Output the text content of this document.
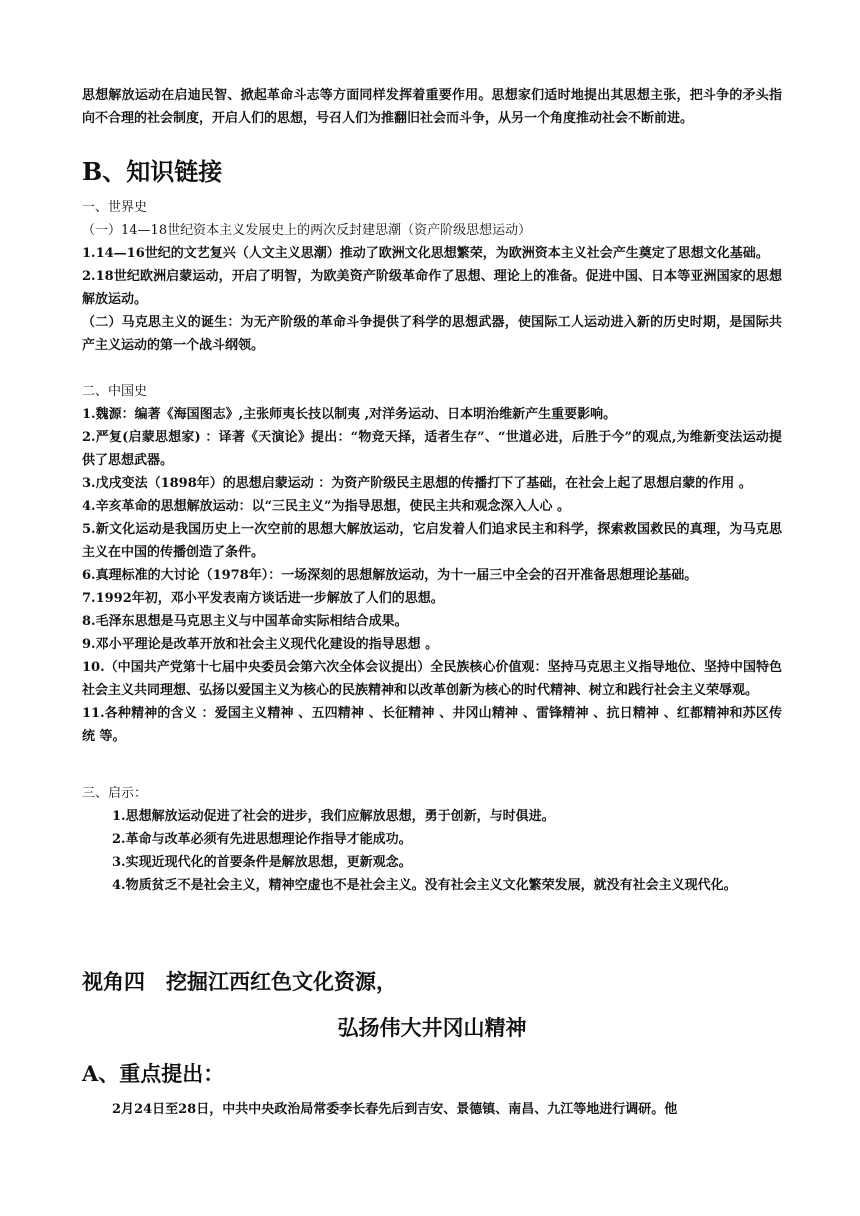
思想解放运动在启迪民智、掀起革命斗志等方面同样发挥着重要作用。思想家们适时地提出其思想主张，把斗争的矛头指向不合理的社会制度，开启人们的思想，号召人们为推翻旧社会而斗争，从另一个角度推动社会不断前进。

B、知识链接

一、世界史

（一）14—18世纪资本主义发展史上的两次反封建思潮（资产阶级思想运动）

1.14—16世纪的文艺复兴（人文主义思潮）推动了欧洲文化思想繁荣，为欧洲资本主义社会产生奠定了思想文化基础。

2.18世纪欧洲启蒙运动，开启了明智，为欧美资产阶级革命作了思想、理论上的准备。促进中国、日本等亚洲国家的思想解放运动。

（二）马克思主义的诞生：为无产阶级的革命斗争提供了科学的思想武器，使国际工人运动进入新的历史时期，是国际共产主义运动的第一个战斗纲领。

二、中国史

1.魏源：编著《海国图志》,主张师夷长技以制夷 ,对洋务运动、日本明治维新产生重要影响。

2.严复(启蒙思想家) ：译著《天演论》提出：“物竞天择，适者生存”、“世道必进，后胜于今”的观点,为维新变法运动提供了思想武器。

3.戊戌变法（1898年）的思想启蒙运动 ：为资产阶级民主思想的传播打下了基础，在社会上起了思想启蒙的作用 。

4.辛亥革命的思想解放运动：以“三民主义”为指导思想，使民主共和观念深入人心 。

5.新文化运动是我国历史上一次空前的思想大解放运动，它启发着人们追求民主和科学，探索救国救民的真理，为马克思主义在中国的传播创造了条件。

6.真理标准的大讨论（1978年）：一场深刻的思想解放运动，为十一届三中全会的召开准备思想理论基础。

7.1992年初，邓小平发表南方谈话进一步解放了人们的思想。

8.毛泽东思想是马克思主义与中国革命实际相结合成果。

9.邓小平理论是改革开放和社会主义现代化建设的指导思想 。

10.（中国共产党第十七届中央委员会第六次全体会议提出）全民族核心价值观：坚持马克思主义指导地位、坚持中国特色社会主义共同理想、弘扬以爱国主义为核心的民族精神和以改革创新为核心的时代精神、树立和践行社会主义荣辱观。

11.各种精神的含义 ：爱国主义精神 、五四精神 、长征精神 、井冈山精神 、雷锋精神 、抗日精神 、红都精神和苏区传统 等。

三、启示：

1.思想解放运动促进了社会的进步，我们应解放思想，勇于创新，与时俱进。

2.革命与改革必须有先进思想理论作指导才能成功。

3.实现近现代化的首要条件是解放思想，更新观念。

4.物质贫乏不是社会主义，精神空虚也不是社会主义。没有社会主义文化繁荣发展，就没有社会主义现代化。

视角四　挖掘江西红色文化资源，

弘扬伟大井冈山精神

A、重点提出：

2月24日至28日，中共中央政治局常委李长春先后到吉安、景德镇、南昌、九江等地进行调研。他
